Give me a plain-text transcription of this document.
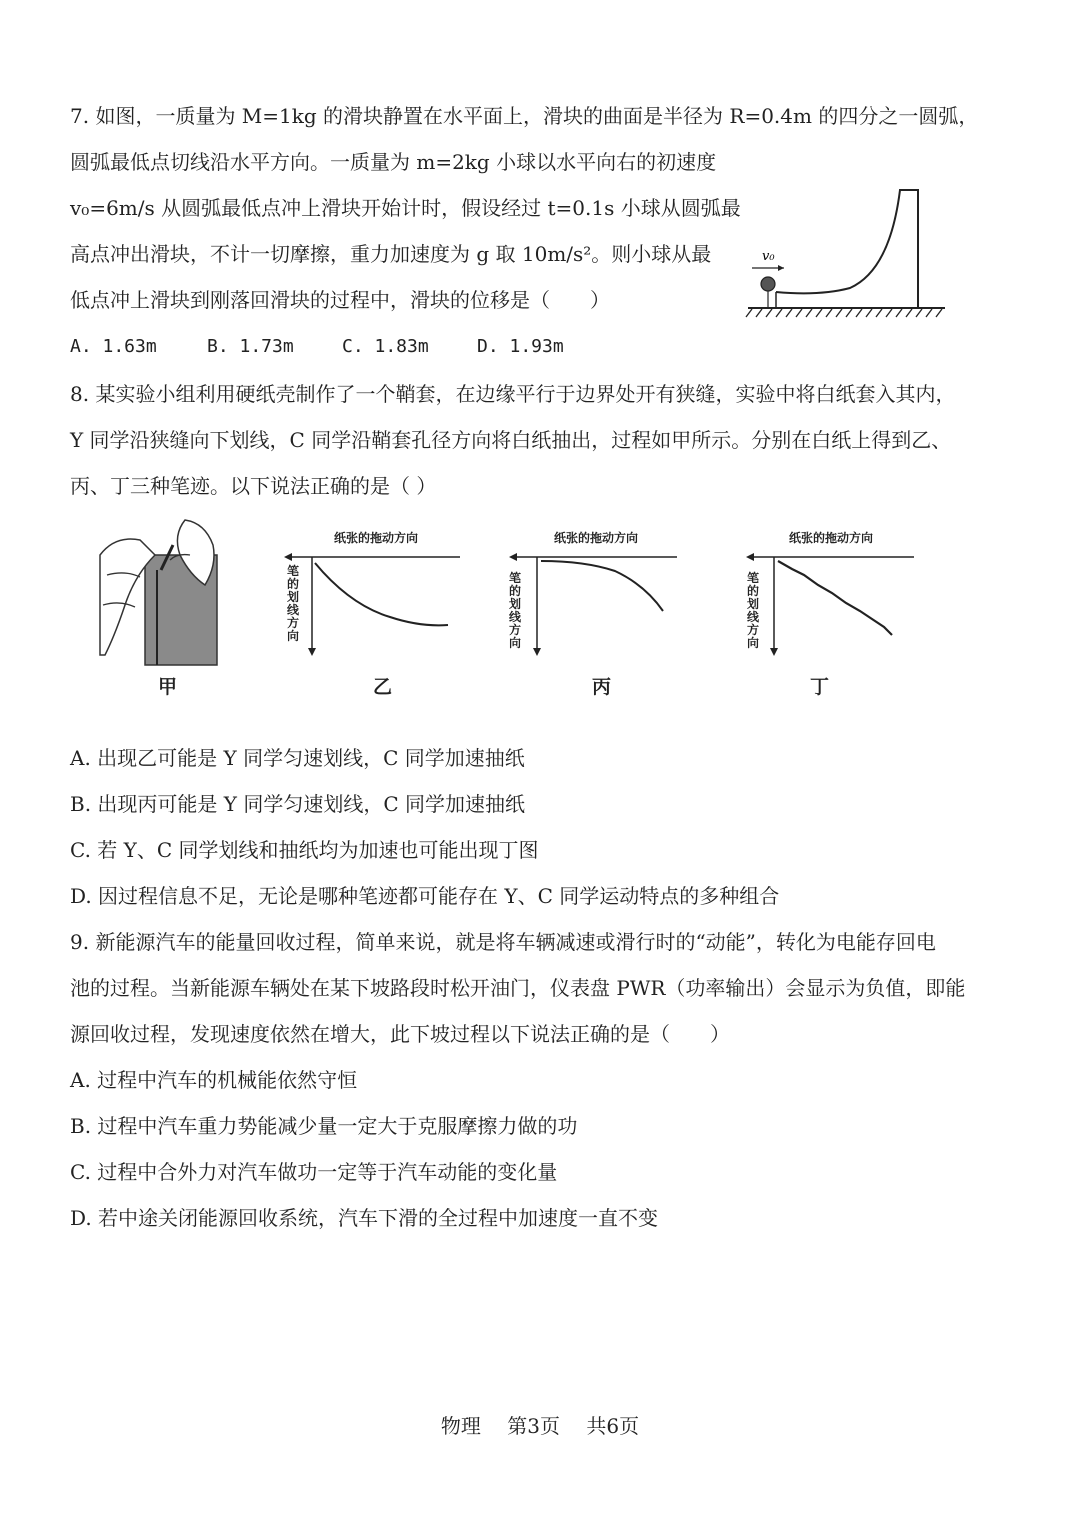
7. 如图，一质量为 M=1kg 的滑块静置在水平面上，滑块的曲面是半径为 R=0.4m 的四分之一圆弧，
圆弧最低点切线沿水平方向。一质量为 m=2kg 小球以水平向右的初速度
v₀=6m/s 从圆弧最低点冲上滑块开始计时，假设经过 t=0.1s 小球从圆弧最
高点冲出滑块，不计一切摩擦，重力加速度为 g 取 10m/s²。则小球从最
低点冲上滑块到刚落回滑块的过程中，滑块的位移是（　　）
A. 1.63m	B. 1.73m	C. 1.83m	D. 1.93m
v₀
8. 某实验小组利用硬纸壳制作了一个鞘套，在边缘平行于边界处开有狭缝，实验中将白纸套入其内，
Y 同学沿狭缝向下划线，C 同学沿鞘套孔径方向将白纸抽出，过程如甲所示。分别在白纸上得到乙、
丙、丁三种笔迹。以下说法正确的是（ ）
纸张的拖动方向
笔的划线方向
纸张的拖动方向
笔的划线方向
纸张的拖动方向
笔的划线方向
甲	乙	丙	丁
A. 出现乙可能是 Y 同学匀速划线，C 同学加速抽纸
B. 出现丙可能是 Y 同学匀速划线，C 同学加速抽纸
C. 若 Y、C 同学划线和抽纸均为加速也可能出现丁图
D. 因过程信息不足，无论是哪种笔迹都可能存在 Y、C 同学运动特点的多种组合
9. 新能源汽车的能量回收过程，简单来说，就是将车辆减速或滑行时的“动能”，转化为电能存回电
池的过程。当新能源车辆处在某下坡路段时松开油门，仪表盘 PWR（功率输出）会显示为负值，即能
源回收过程，发现速度依然在增大，此下坡过程以下说法正确的是（　　）
A. 过程中汽车的机械能依然守恒
B. 过程中汽车重力势能减少量一定大于克服摩擦力做的功
C. 过程中合外力对汽车做功一定等于汽车动能的变化量
D. 若中途关闭能源回收系统，汽车下滑的全过程中加速度一直不变
物理 第3页 共6页
